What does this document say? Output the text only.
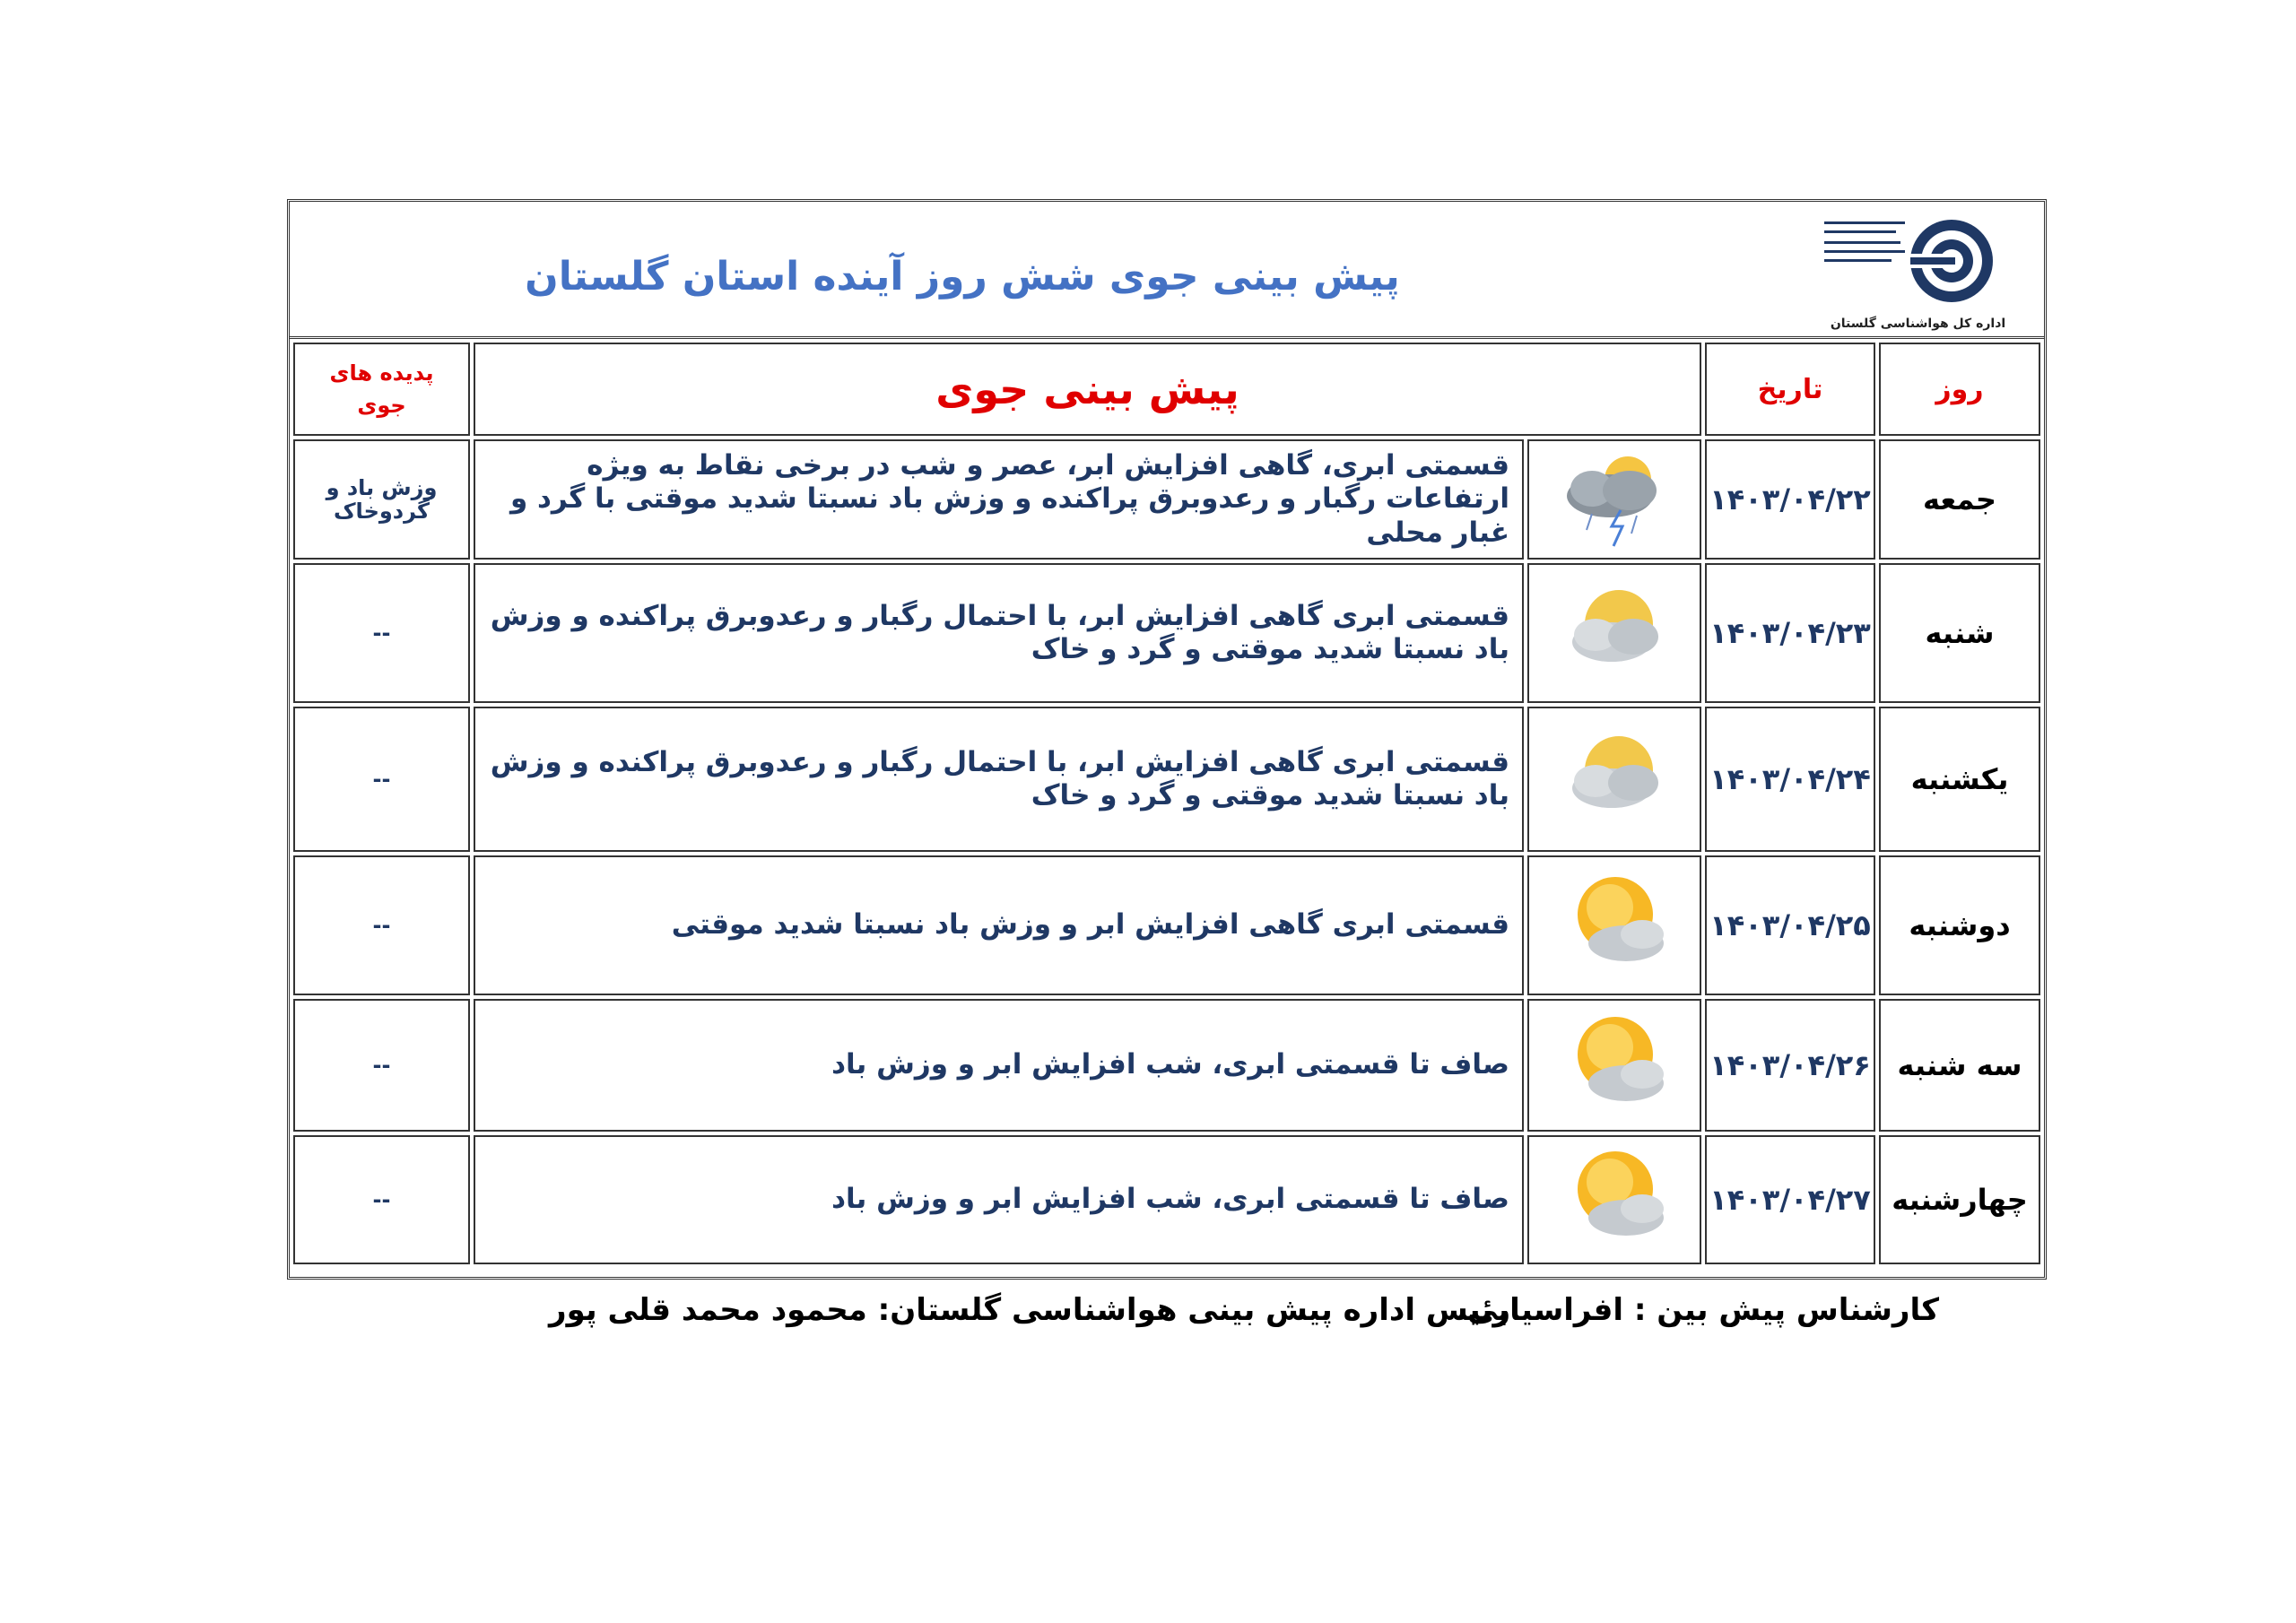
پیش بینی جوی شش روز آینده استان گلستان
اداره کل هواشناسی گلستان
روز	تاریخ	پیش بینی جوی		پدیده های
جوی

جمعه	۱۴۰۳/۰۴/۲۲		قسمتی ابری، گاهی افزایش ابر، عصر و شب در برخی نقاط به ویژه ارتفاعات رگبار و رعدوبرق پراکنده و وزش باد نسبتا شدید موقتی با گرد و غبار محلی	وزش باد و گردوخاک
شنبه	۱۴۰۳/۰۴/۲۳		قسمتی ابری گاهی افزایش ابر، با احتمال رگبار و رعدوبرق پراکنده و وزش باد نسبتا شدید موقتی و گرد و خاک	--
یکشنبه	۱۴۰۳/۰۴/۲۴		قسمتی ابری گاهی افزایش ابر، با احتمال رگبار و رعدوبرق پراکنده و وزش باد نسبتا شدید موقتی و گرد و خاک	--
دوشنبه	۱۴۰۳/۰۴/۲۵		قسمتی ابری گاهی افزایش ابر و وزش باد نسبتا شدید موقتی	--
سه شنبه	۱۴۰۳/۰۴/۲۶		صاف تا قسمتی ابری، شب افزایش ابر و وزش باد	--
چهارشنبه	۱۴۰۳/۰۴/۲۷		صاف تا قسمتی ابری، شب افزایش ابر و وزش باد	--
کارشناس پیش بین : افراسیابی
رئیس اداره پیش بینی هواشناسی گلستان: محمود محمد قلی پور
